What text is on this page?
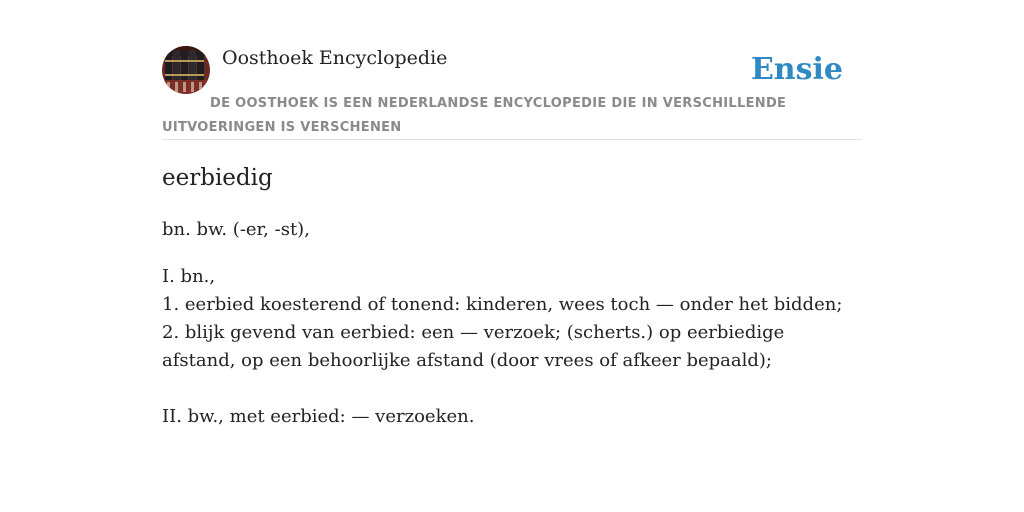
Oosthoek Encyclopedie	Ensie
DE OOSTHOEK IS EEN NEDERLANDSE ENCYCLOPEDIE DIE IN VERSCHILLENDE UITVOERINGEN IS VERSCHENEN
eerbiedig
bn. bw. (-er, -st),
I. bn.,
1. eerbied koesterend of tonend: kinderen, wees toch — onder het bidden;
2. blijk gevend van eerbied: een — verzoek; (scherts.) op eerbiedige afstand, op een behoorlijke afstand (door vrees of afkeer bepaald);
II. bw., met eerbied: — verzoeken.
